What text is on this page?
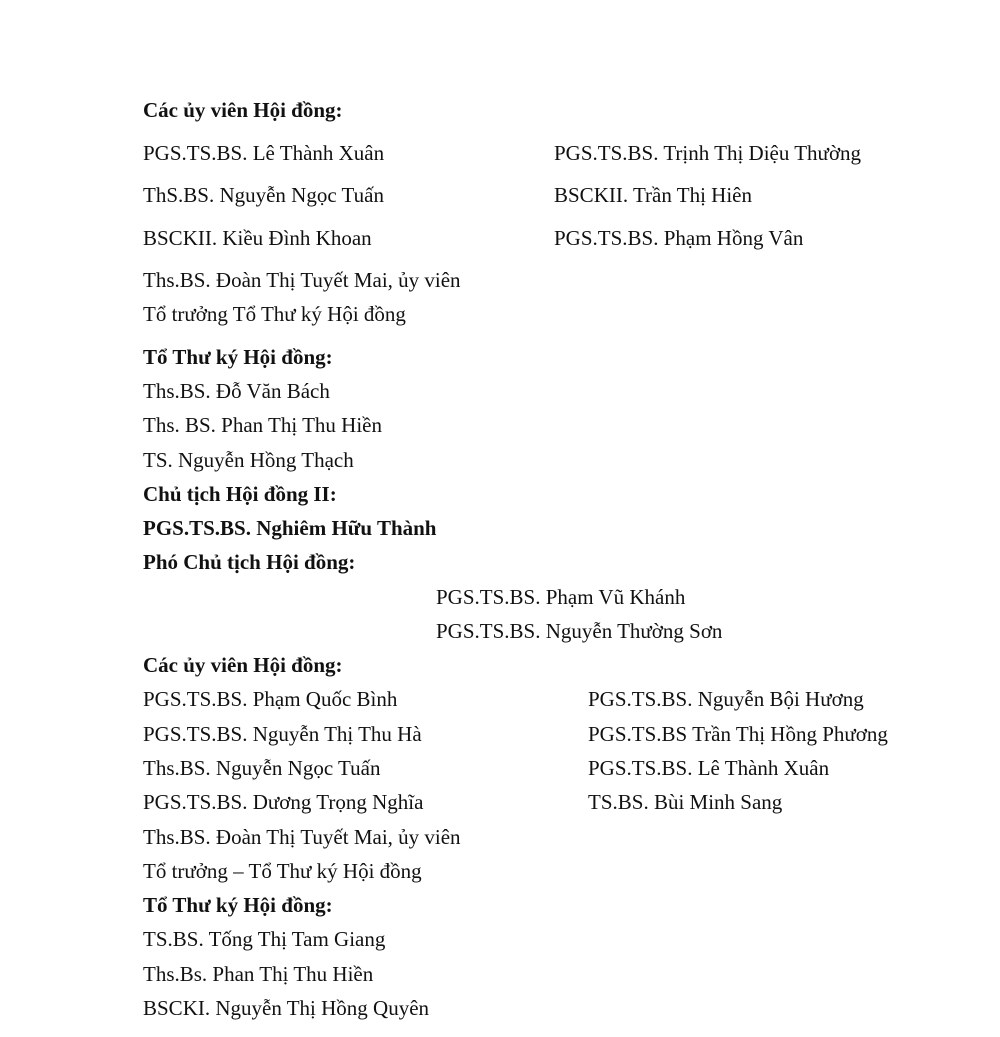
Các ủy viên Hội đồng:

PGS.TS.BS. Lê Thành Xuân	PGS.TS.BS. Trịnh Thị Diệu Thường

ThS.BS. Nguyễn Ngọc Tuấn	BSCKII. Trần Thị Hiên

BSCKII. Kiều Đình Khoan	PGS.TS.BS. Phạm Hồng Vân

Ths.BS. Đoàn Thị Tuyết Mai, ủy viên

Tổ trưởng Tổ Thư ký Hội đồng

Tổ Thư ký Hội đồng:

Ths.BS. Đỗ Văn Bách

Ths. BS. Phan Thị Thu Hiền

TS. Nguyễn Hồng Thạch

Chủ tịch Hội đồng II:

PGS.TS.BS. Nghiêm Hữu Thành

Phó Chủ tịch Hội đồng:

PGS.TS.BS. Phạm Vũ Khánh

PGS.TS.BS. Nguyễn Thường Sơn

Các ủy viên Hội đồng:

PGS.TS.BS. Phạm Quốc Bình	PGS.TS.BS. Nguyễn Bội Hương

PGS.TS.BS. Nguyễn Thị Thu Hà	PGS.TS.BS Trần Thị Hồng Phương

Ths.BS. Nguyễn Ngọc Tuấn	PGS.TS.BS. Lê Thành Xuân

PGS.TS.BS. Dương Trọng Nghĩa	TS.BS. Bùi Minh Sang

Ths.BS. Đoàn Thị Tuyết Mai, ủy viên

Tổ trưởng – Tổ Thư ký Hội đồng

Tổ Thư ký Hội đồng:

TS.BS. Tống Thị Tam Giang

Ths.Bs. Phan Thị Thu Hiền

BSCKI. Nguyễn Thị Hồng Quyên
